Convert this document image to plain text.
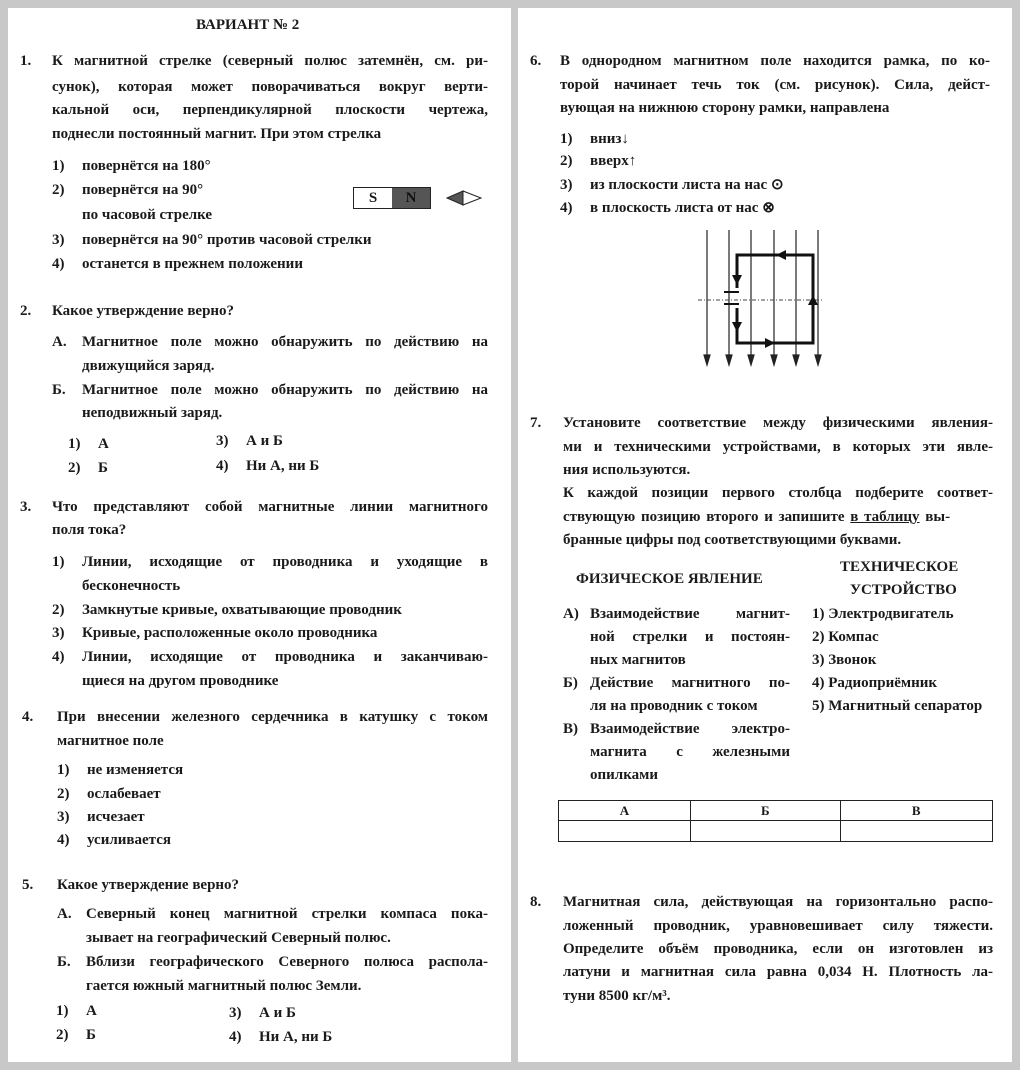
ВАРИАНТ № 2
1. К магнитной стрелке (северный полюс затемнён, см. ри-
сунок), которая может поворачиваться вокруг верти-
кальной оси, перпендикулярной плоскости чертежа,
поднесли постоянный магнит. При этом стрелка
1) повернётся на 180°
2) повернётся на 90°
3) повернётся на 90° против часовой стрелки
4) останется в прежнем положении
по часовой стрелке
2. Какое утверждение верно?
А. Магнитное поле можно обнаружить по действию на
движущийся заряд.
Б. Магнитное поле можно обнаружить по действию на
неподвижный заряд.
1) А
2) Б
3) А и Б
4) Ни А, ни Б
3. Что представляют собой магнитные линии магнитного
поля тока?
1) Линии, исходящие от проводника и уходящие в
бесконечность
2) Замкнутые кривые, охватывающие проводник
3) Кривые, расположенные около проводника
4) Линии, исходящие от проводника и заканчиваю-
щиеся на другом проводнике
4. При внесении железного сердечника в катушку с током
магнитное поле
1) не изменяется
2) ослабевает
3) исчезает
4) усиливается
5. Какое утверждение верно?
А. Северный конец магнитной стрелки компаса пока-
зывает на географический Северный полюс.
Б. Вблизи географического Северного полюса распола-
гается южный магнитный полюс Земли.
1) А
2) Б
3) А и Б
4) Ни А, ни Б
6. В однородном магнитном поле находится рамка, по ко-
торой начинает течь ток (см. рисунок). Сила, дейст-
вующая на нижнюю сторону рамки, направлена
1) вниз↓
2) вверх↑
3) из плоскости листа на нас ⊙
4) в плоскость листа от нас ⊗
7. Установите соответствие между физическими явления-
ми и техническими устройствами, в которых эти явле-
ния используются.
К каждой позиции первого столбца подберите соответ-
ствующую позицию второго и запишите в таблицу вы-
бранные цифры под соответствующими буквами.
ФИЗИЧЕСКОЕ ЯВЛЕНИЕ
ТЕХНИЧЕСКОЕ
УСТРОЙСТВО
А) Взаимодействие магнит-
ной стрелки и постоян-
ных магнитов
Б) Действие магнитного по-
ля на проводник с током
В) Взаимодействие электро-
магнита с железными
опилками
1) Электродвигатель
2) Компас
3) Звонок
4) Радиоприёмник
5) Магнитный сепаратор
А	Б	В

8. Магнитная сила, действующая на горизонтально распо-
ложенный проводник, уравновешивает силу тяжести.
Определите объём проводника, если он изготовлен из
латуни и магнитная сила равна 0,034 Н. Плотность ла-
туни 8500 кг/м³.
S	N
